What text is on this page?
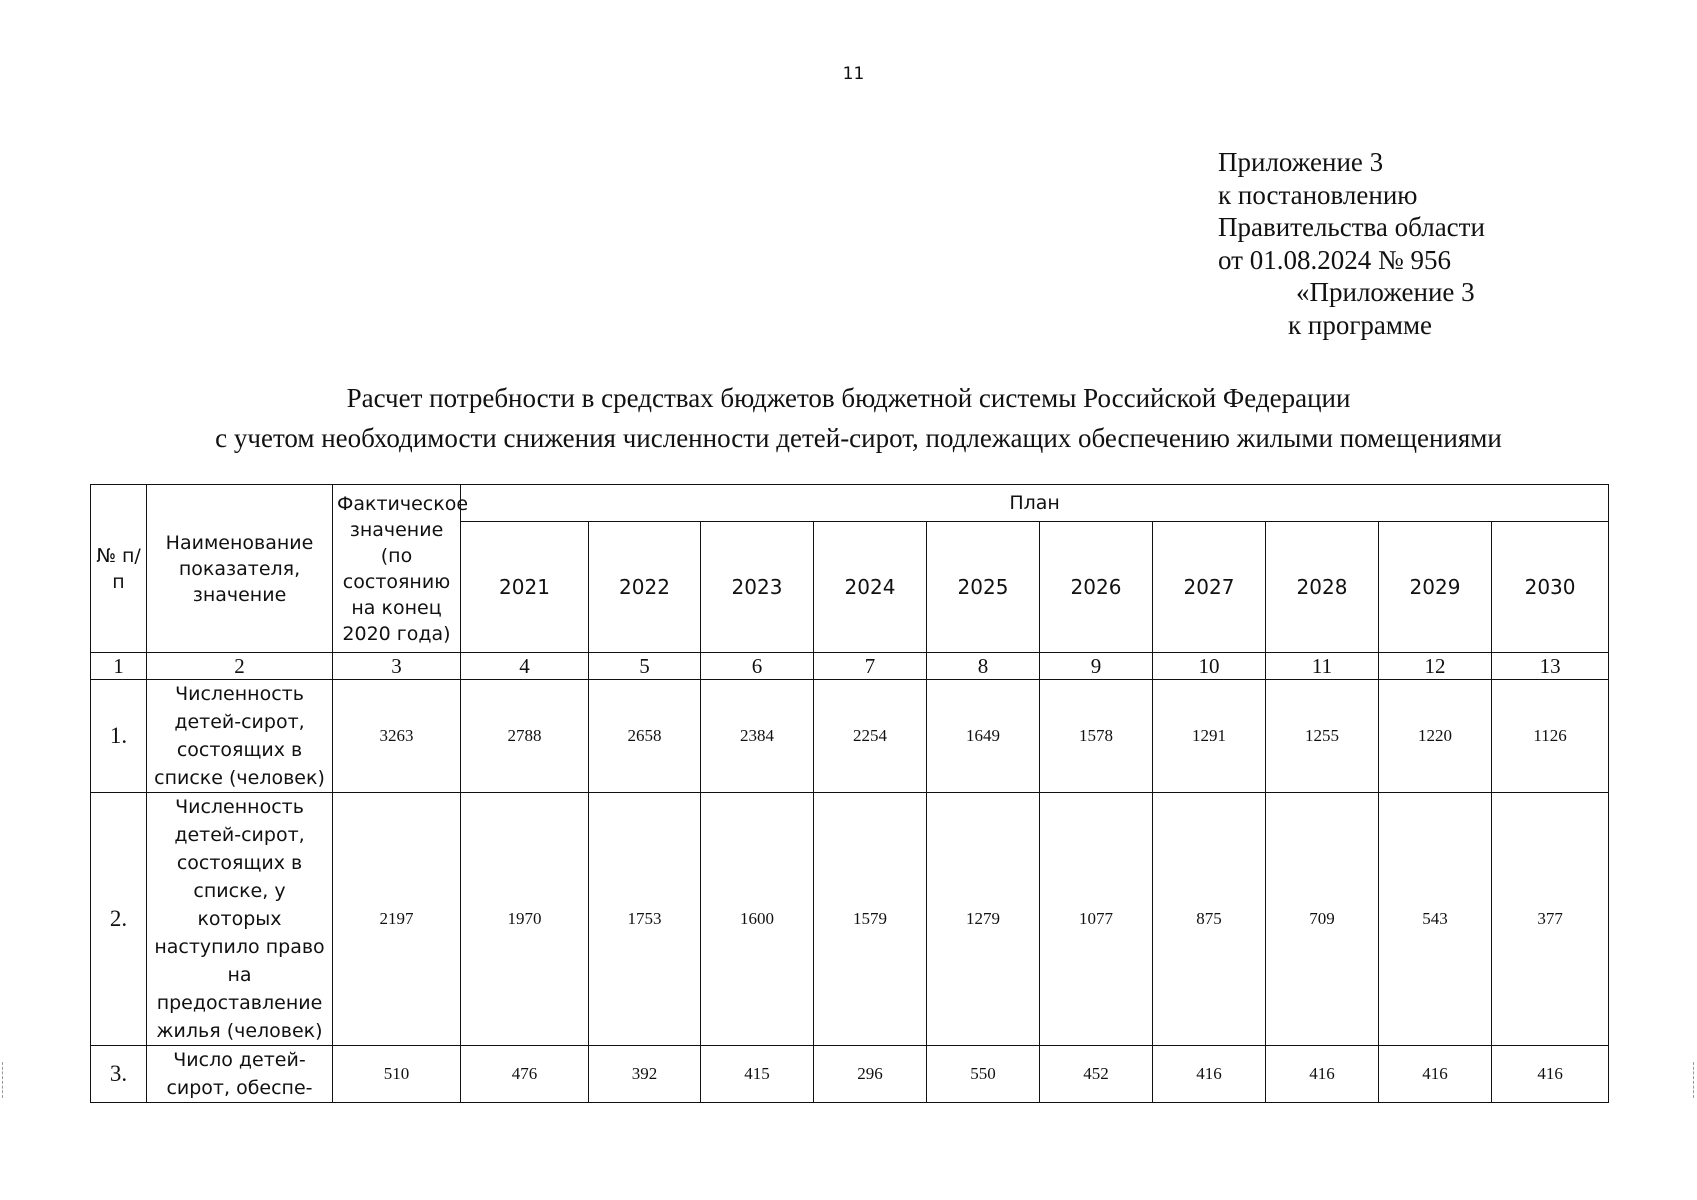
11
Приложение 3
к постановлению
Правительства области
от 01.08.2024 № 956
«Приложение 3
к программе
Расчет потребности в средствах бюджетов бюджетной системы Российской Федерации
с учетом необходимости снижения численности детей-сирот, подлежащих обеспечению жилыми помещениями
№ п/п	Наименование показателя, значение	Фактическое значение (по состоянию на конец 2020 года)	План									
			2021	2022	2023	2024	2025	2026	2027	2028	2029	2030
1	2	3	4	5	6	7	8	9	10	11	12	13
1.	Численность детей-сирот, состоящих в списке (человек)	3263	2788	2658	2384	2254	1649	1578	1291	1255	1220	1126
2.	Численность детей-сирот, состоящих в списке, у которых наступило право на предоставление жилья (человек)	2197	1970	1753	1600	1579	1279	1077	875	709	543	377
3.	Число детей-сирот, обеспе-	510	476	392	415	296	550	452	416	416	416	416
